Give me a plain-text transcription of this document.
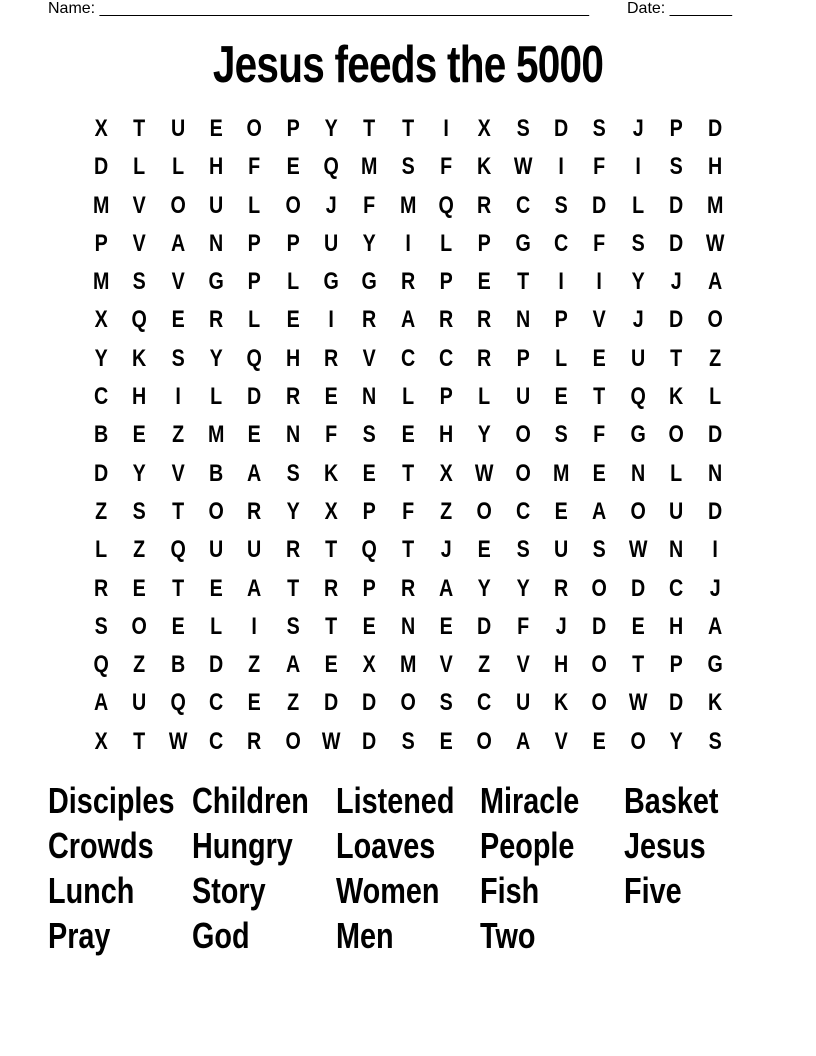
Name: _______________________________________________________ Date: _______
Jesus feeds the 5000
X	T	U	E	O	P	Y	T	T	I	X	S	D	S	J	P	D
D	L	L	H	F	E	Q M S	F	K W	I	F	I	S	H
M V	O U	L	O	J	F	M Q R	C	S	D	L	D M
P	V	A	N	P	P	U	Y	I	L	P	G C	F	S	D W
M S	V	G	P	L	G G R	P	E	T	I	I	Y	J	A
X	Q	E	R	L	E	I	R	A	R	R	N	P	V	J	D O
Y	K	S	Y	Q H	R	V	C	C	R	P	L	E	U	T	Z
C	H	I	L	D	R	E	N	L	P	L	U	E	T	Q K	L
B	E	Z	M E	N	F	S	E	H	Y	O	S	F	G O D
D	Y	V	B	A	S	K	E	T	X W O M E	N	L	N
Z	S	T	O R	Y	X	P	F	Z	O C	E	A O U	D
L	Z	Q U	U	R	T	Q	T	J	E	S	U	S W N	I
R	E	T	E	A	T	R	P	R	A	Y	Y	R O D	C	J
S	O	E	L	I	S	T	E	N	E	D	F	J	D	E	H	A
Q	Z	B	D	Z	A	E	X M V	Z	V	H O	T	P	G
A	U Q C	E	Z	D	D O	S	C	U	K O W D	K
X	T W C	R O W D	S	E	O A	V	E	O	Y	S
Disciples Children Listened Miracle	Basket
Crowds Hungry	Loaves	People	Jesus
Lunch	Story	Women	Fish	Five
Pray	God	Men	Two
